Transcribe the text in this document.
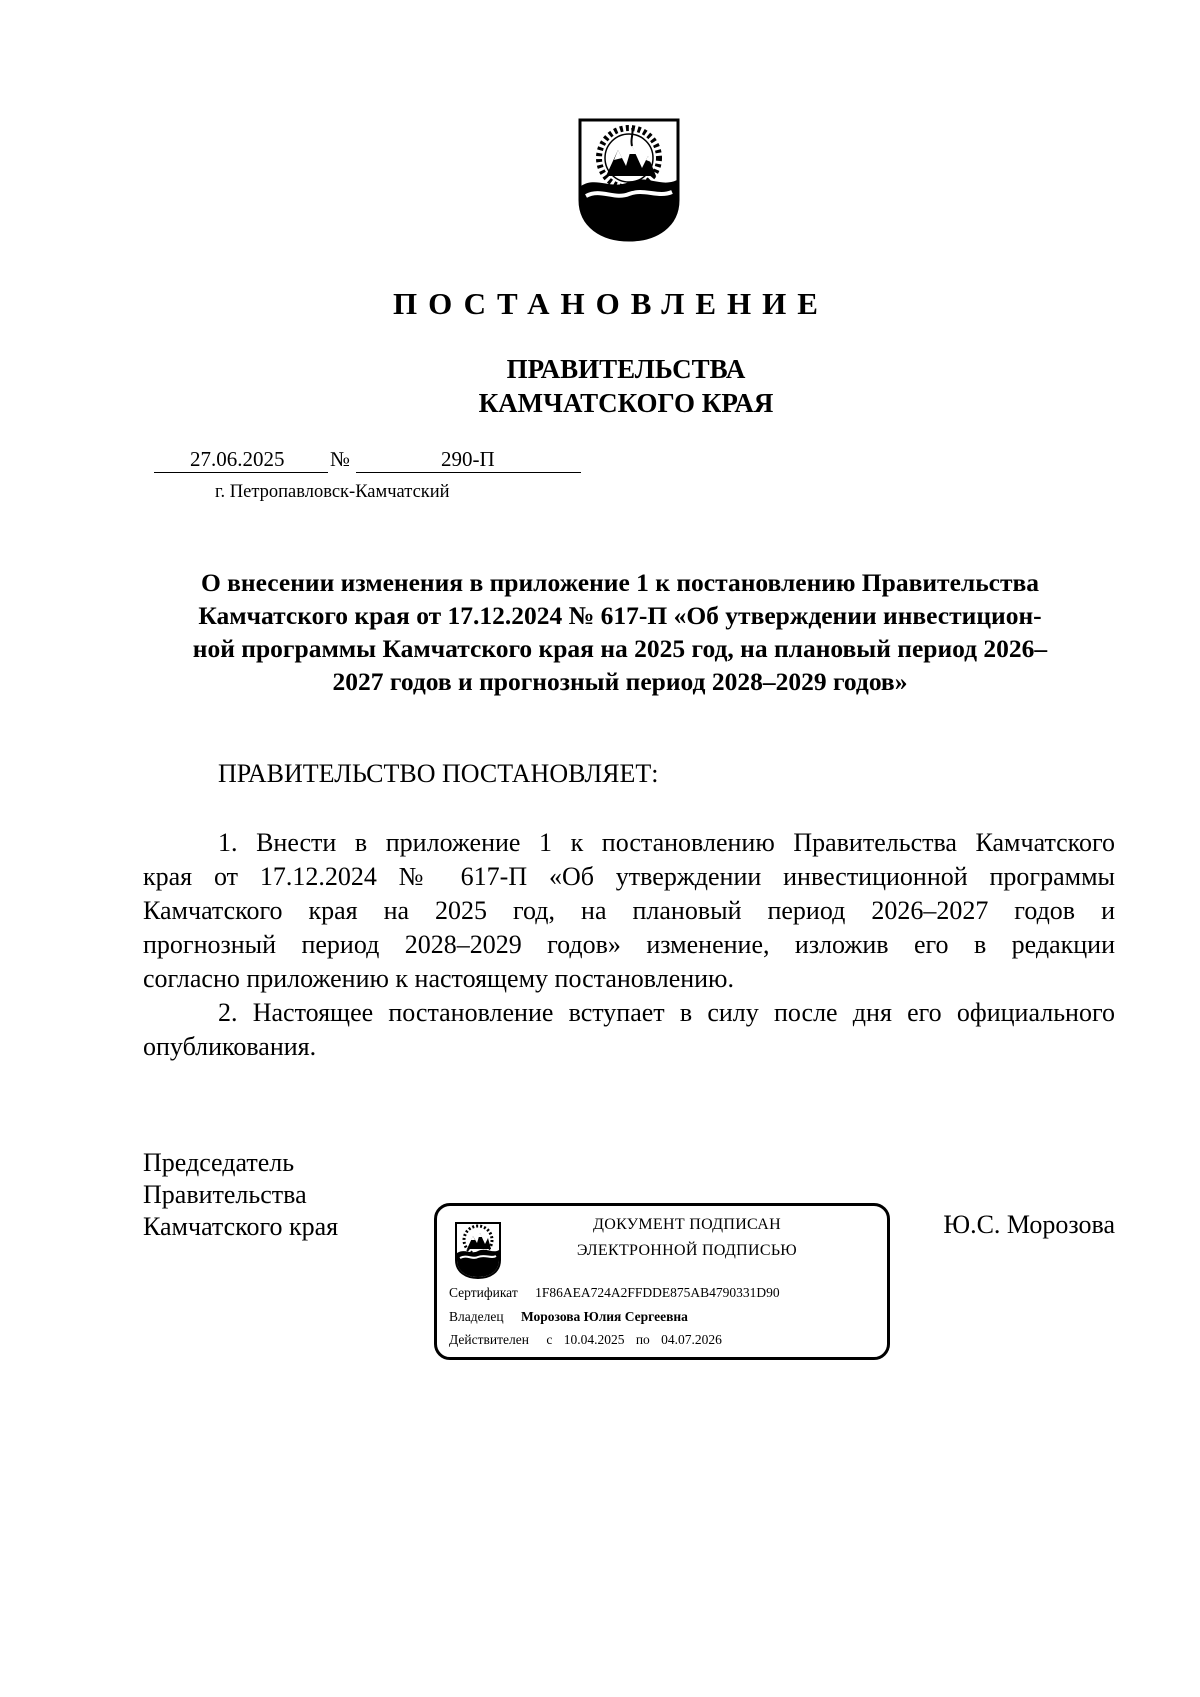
ПОСТАНОВЛЕНИЕ
ПРАВИТЕЛЬСТВА
КАМЧАТСКОГО КРАЯ
27.06.2025 №	290-П
г. Петропавловск-Камчатский
О внесении изменения в приложение 1 к постановлению Правительства
Камчатского края от 17.12.2024 № 617-П «Об утверждении инвестицион-
ной программы Камчатского края на 2025 год, на плановый период 2026–
2027 годов и прогнозный период 2028–2029 годов»
ПРАВИТЕЛЬСТВО ПОСТАНОВЛЯЕТ:
1. Внести в приложение 1 к постановлению Правительства Камчатского
края от 17.12.2024 № 617-П «Об утверждении инвестиционной программы
Камчатского края на 2025 год, на плановый период 2026–2027 годов и
прогнозный период 2028–2029 годов» изменение, изложив его в редакции
согласно приложению к настоящему постановлению.
2. Настоящее постановление вступает в силу после дня его официального
опубликования.
Председатель
Правительства
Камчатского края	Ю.С. Морозова
ДОКУМЕНТ ПОДПИСАН
ЭЛЕКТРОННОЙ ПОДПИСЬЮ
Сертификат 1F86AEA724A2FFDDE875AB4790331D90
Владелец Морозова Юлия Сергеевна
Действителен с 10.04.2025 по 04.07.2026
